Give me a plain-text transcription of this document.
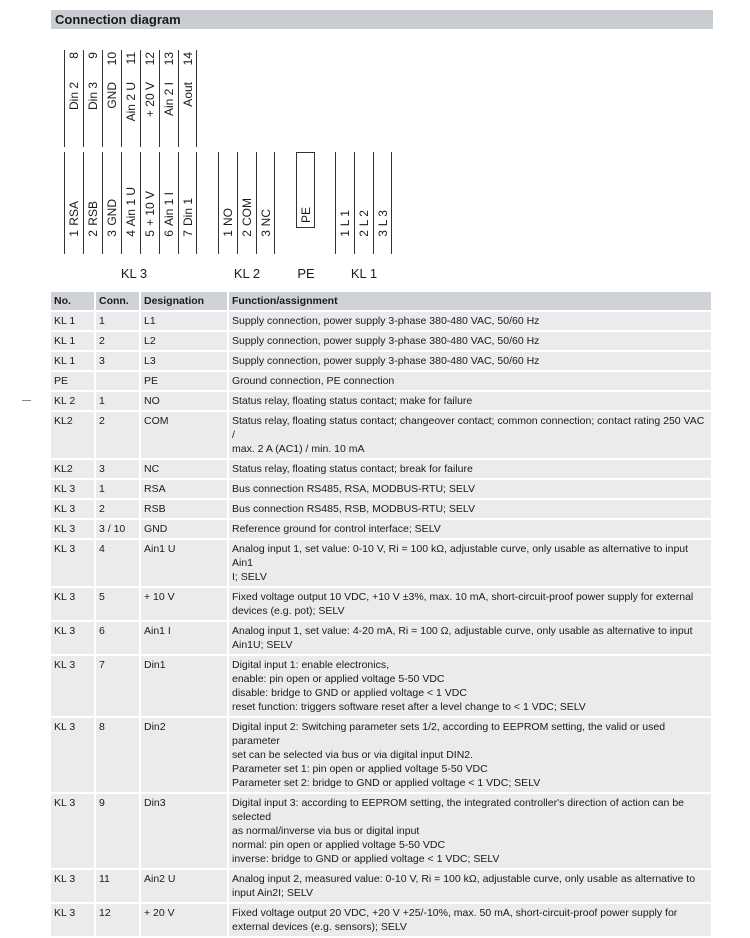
Connection diagram
8
Din 2
9
Din 3
10
GND
11
Ain 2 U
12
+ 20 V
13
Ain 2 I
14
Aout
1
RSA
2
RSB
3
GND
4
Ain 1 U
5
+ 10 V
6
Ain 1 I
7
Din 1
1
NO
2
COM
3
NC
1
L 1
2
L 2
3
L 3
PE
KL 3	KL 2	PE	KL 1
No.	Conn.	Designation	Function/assignment
KL 1	1	L1	Supply connection, power supply 3-phase 380-480 VAC, 50/60 Hz

KL 1	2	L2	Supply connection, power supply 3-phase 380-480 VAC, 50/60 Hz

KL 1	3	L3	Supply connection, power supply 3-phase 380-480 VAC, 50/60 Hz

PE		PE	Ground connection, PE connection

KL 2	1	NO	Status relay, floating status contact; make for failure

KL2	2	COM	Status relay, floating status contact; changeover contact; common connection; contact rating 250 VAC /
max. 2 A (AC1) / min. 10 mA

KL2	3	NC	Status relay, floating status contact; break for failure

KL 3	1	RSA	Bus connection RS485, RSA, MODBUS-RTU; SELV

KL 3	2	RSB	Bus connection RS485, RSB, MODBUS-RTU; SELV

KL 3	3 / 10	GND	Reference ground for control interface; SELV

KL 3	4	Ain1 U	Analog input 1, set value: 0-10 V, Ri = 100 kΩ, adjustable curve, only usable as alternative to input Ain1
I; SELV

KL 3	5	+ 10 V	Fixed voltage output 10 VDC, +10 V ±3%, max. 10 mA, short-circuit-proof power supply for external
devices (e.g. pot); SELV

KL 3	6	Ain1 I	Analog input 1, set value: 4-20 mA, Ri = 100 Ω, adjustable curve, only usable as alternative to input
Ain1U; SELV

KL 3	7	Din1	Digital input 1: enable electronics,
enable: pin open or applied voltage 5-50 VDC
disable: bridge to GND or applied voltage < 1 VDC
reset function: triggers software reset after a level change to < 1 VDC; SELV

KL 3	8	Din2	Digital input 2: Switching parameter sets 1/2, according to EEPROM setting, the valid or used parameter
set can be selected via bus or via digital input DIN2.
Parameter set 1: pin open or applied voltage 5-50 VDC
Parameter set 2: bridge to GND or applied voltage < 1 VDC; SELV

KL 3	9	Din3	Digital input 3: according to EEPROM setting, the integrated controller's direction of action can be selected
as normal/inverse via bus or digital input
normal: pin open or applied voltage 5-50 VDC
inverse: bridge to GND or applied voltage < 1 VDC; SELV

KL 3	11	Ain2 U	Analog input 2, measured value: 0-10 V, Ri = 100 kΩ, adjustable curve, only usable as alternative to
input Ain2I; SELV

KL 3	12	+ 20 V	Fixed voltage output 20 VDC, +20 V +25/-10%, max. 50 mA, short-circuit-proof power supply for
external devices (e.g. sensors); SELV
